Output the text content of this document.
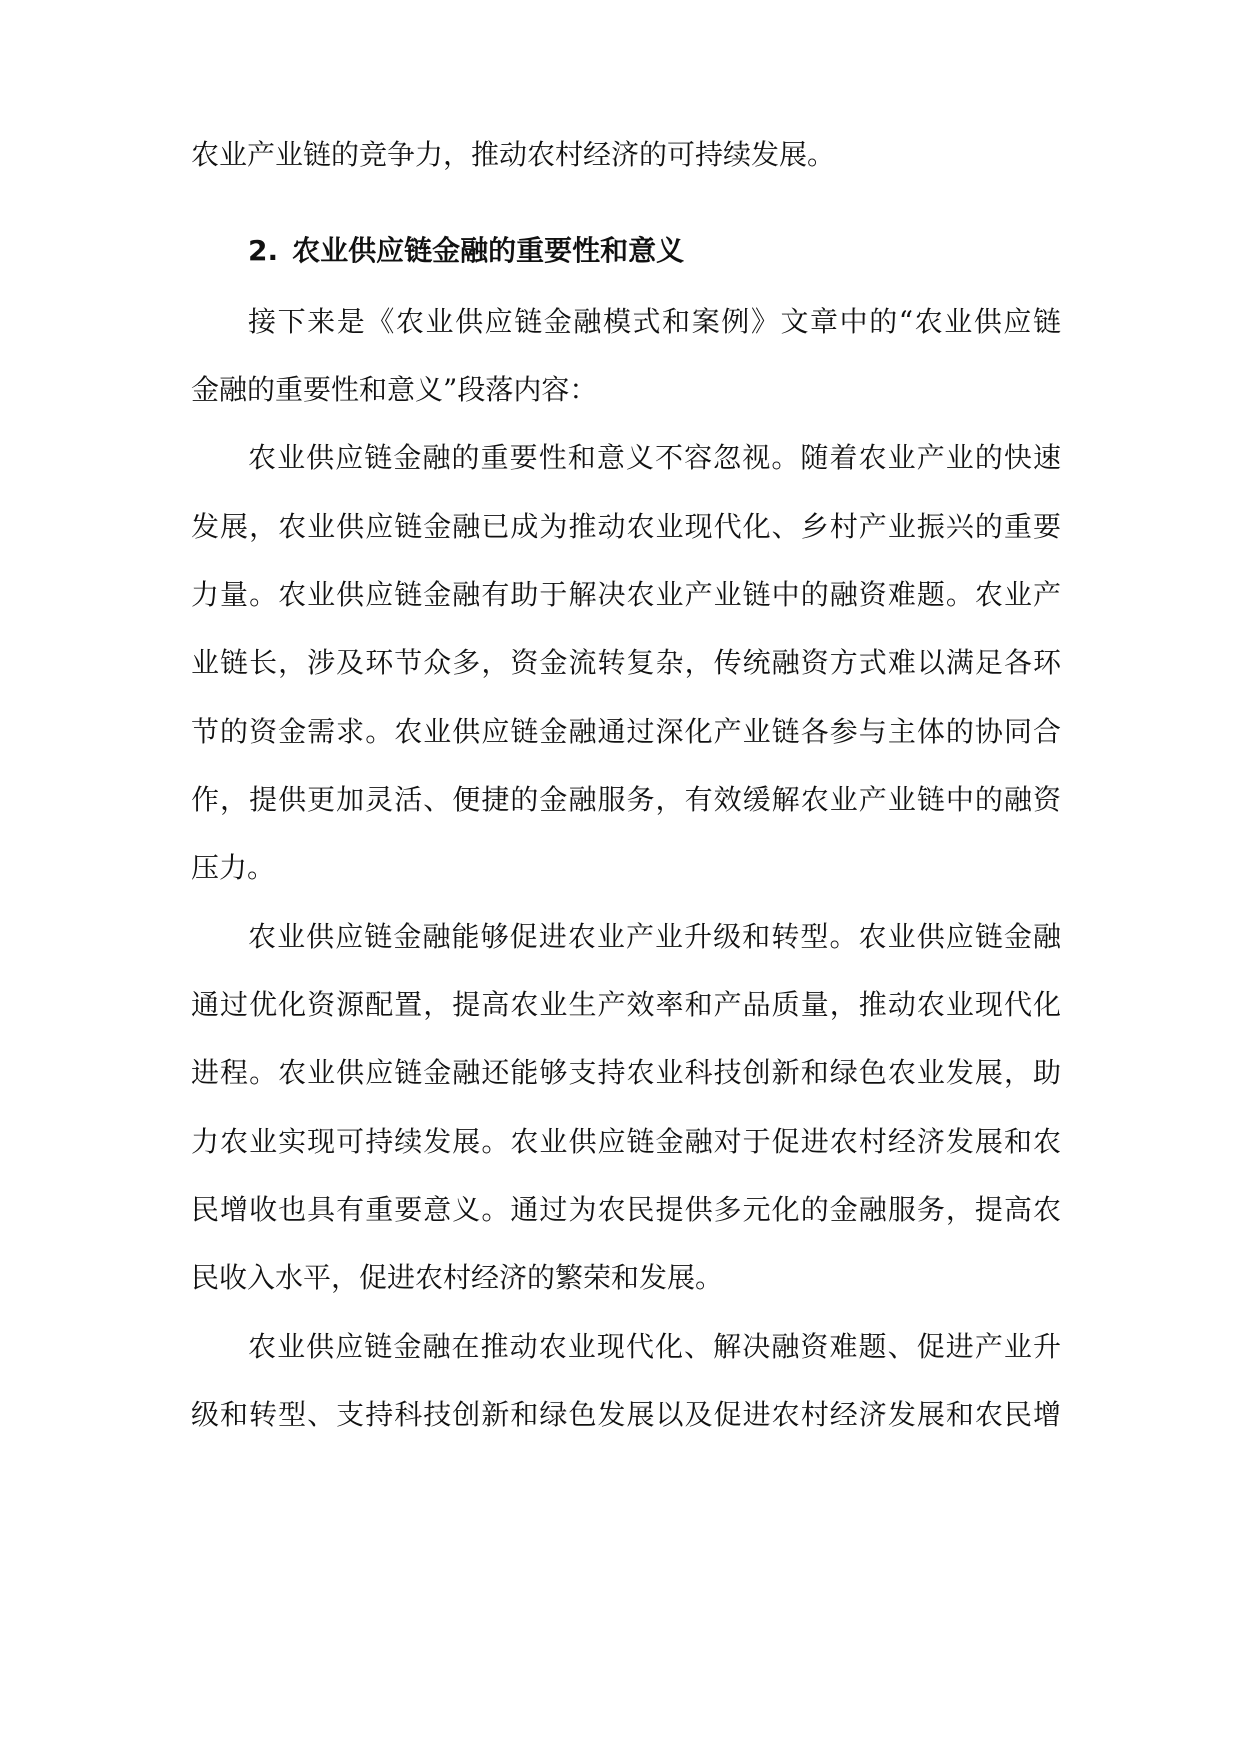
农业产业链的竞争力，推动农村经济的可持续发展。
2. 农业供应链金融的重要性和意义
接下来是《农业供应链金融模式和案例》文章中的“农业供应链
金融的重要性和意义”段落内容：
农业供应链金融的重要性和意义不容忽视。随着农业产业的快速
发展，农业供应链金融已成为推动农业现代化、乡村产业振兴的重要
力量。农业供应链金融有助于解决农业产业链中的融资难题。农业产
业链长，涉及环节众多，资金流转复杂，传统融资方式难以满足各环
节的资金需求。农业供应链金融通过深化产业链各参与主体的协同合
作，提供更加灵活、便捷的金融服务，有效缓解农业产业链中的融资
压力。
农业供应链金融能够促进农业产业升级和转型。农业供应链金融
通过优化资源配置，提高农业生产效率和产品质量，推动农业现代化
进程。农业供应链金融还能够支持农业科技创新和绿色农业发展，助
力农业实现可持续发展。农业供应链金融对于促进农村经济发展和农
民增收也具有重要意义。通过为农民提供多元化的金融服务，提高农
民收入水平，促进农村经济的繁荣和发展。
农业供应链金融在推动农业现代化、解决融资难题、促进产业升
级和转型、支持科技创新和绿色发展以及促进农村经济发展和农民增
